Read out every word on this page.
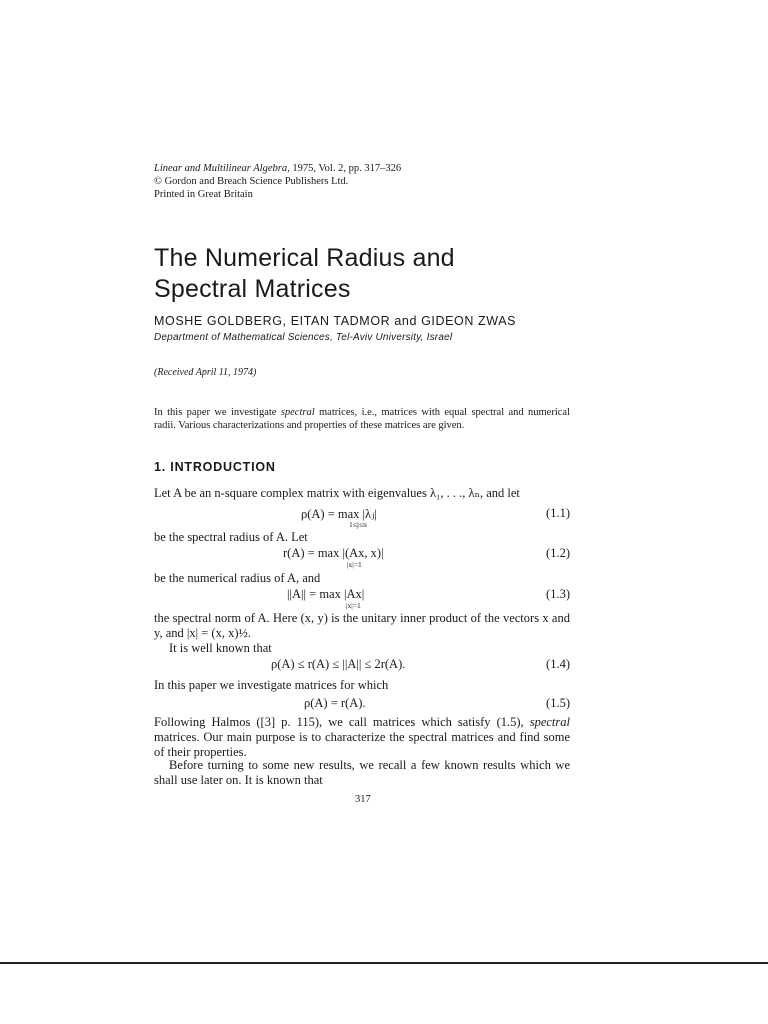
Linear and Multilinear Algebra, 1975, Vol. 2, pp. 317–326
© Gordon and Breach Science Publishers Ltd.
Printed in Great Britain
The Numerical Radius and
Spectral Matrices
MOSHE GOLDBERG, EITAN TADMOR and GIDEON ZWAS
Department of Mathematical Sciences, Tel-Aviv University, Israel
(Received April 11, 1974)
In this paper we investigate spectral matrices, i.e., matrices with equal spectral and numerical radii. Various characterizations and properties of these matrices are given.
1. INTRODUCTION
Let A be an n-square complex matrix with eigenvalues λ₁, . . ., λₙ, and let
ρ(A) = max |λⱼ|
1≤j≤n
(1.1)
be the spectral radius of A. Let
r(A) = max |(Ax, x)|
|x|=1
(1.2)
be the numerical radius of A, and
||A|| = max |Ax|
|x|=1
(1.3)
the spectral norm of A. Here (x, y) is the unitary inner product of the vectors x and y, and |x| = (x, x)½.
It is well known that
ρ(A) ≤ r(A) ≤ ||A|| ≤ 2r(A).	(1.4)
In this paper we investigate matrices for which
ρ(A) = r(A).	(1.5)
Following Halmos ([3] p. 115), we call matrices which satisfy (1.5), spectral matrices. Our main purpose is to characterize the spectral matrices and find some of their properties.
Before turning to some new results, we recall a few known results which we shall use later on. It is known that
317
